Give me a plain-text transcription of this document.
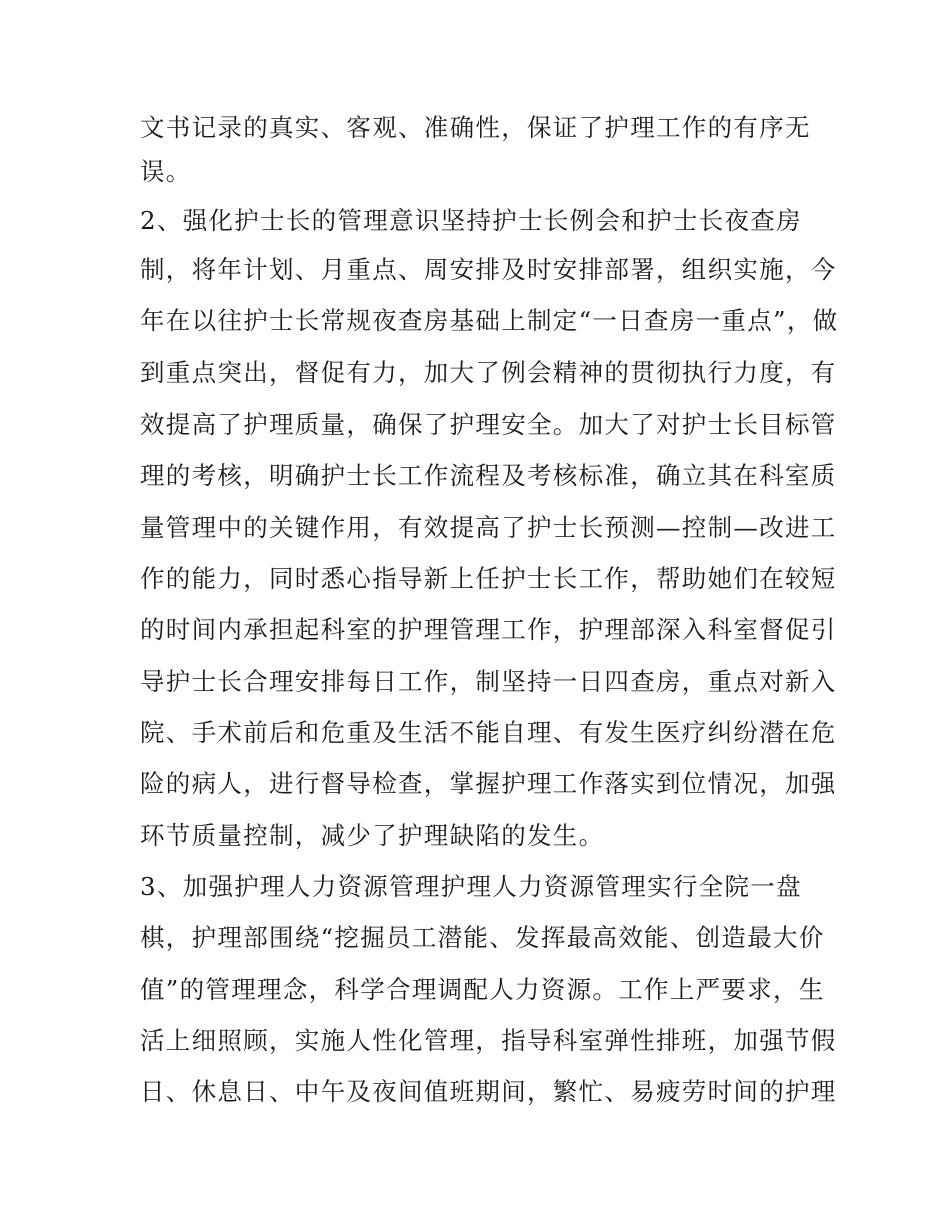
文书记录的真实、客观、准确性，保证了护理工作的有序无
误。
2、强化护士长的管理意识坚持护士长例会和护士长夜查房
制，将年计划、月重点、周安排及时安排部署，组织实施，今
年在以往护士长常规夜查房基础上制定“一日查房一重点”，做
到重点突出，督促有力，加大了例会精神的贯彻执行力度，有
效提高了护理质量，确保了护理安全。加大了对护士长目标管
理的考核，明确护士长工作流程及考核标准，确立其在科室质
量管理中的关键作用，有效提高了护士长预测—控制—改进工
作的能力，同时悉心指导新上任护士长工作，帮助她们在较短
的时间内承担起科室的护理管理工作，护理部深入科室督促引
导护士长合理安排每日工作，制坚持一日四查房，重点对新入
院、手术前后和危重及生活不能自理、有发生医疗纠纷潜在危
险的病人，进行督导检查，掌握护理工作落实到位情况，加强
环节质量控制，减少了护理缺陷的发生。
3、加强护理人力资源管理护理人力资源管理实行全院一盘
棋，护理部围绕“挖掘员工潜能、发挥最高效能、创造最大价
值”的管理理念，科学合理调配人力资源。工作上严要求，生
活上细照顾，实施人性化管理，指导科室弹性排班，加强节假
日、休息日、中午及夜间值班期间，繁忙、易疲劳时间的护理
